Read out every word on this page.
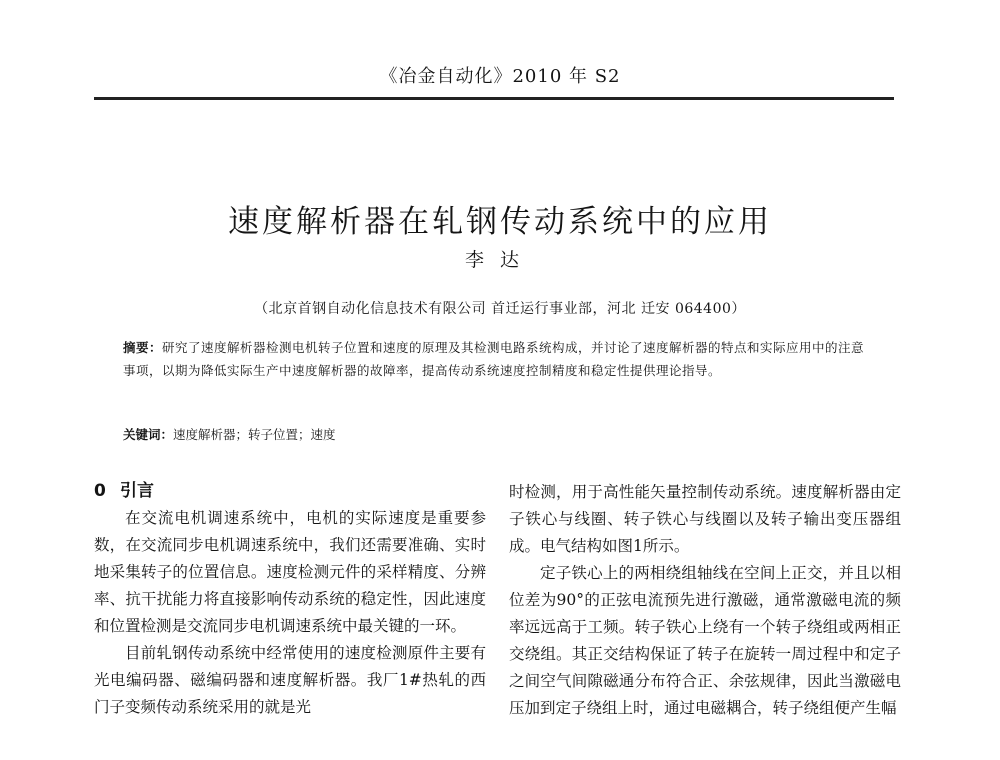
《冶金自动化》2010 年 S2
速度解析器在轧钢传动系统中的应用
李达
（北京首钢自动化信息技术有限公司 首迁运行事业部，河北 迁安 064400）

摘要：研究了速度解析器检测电机转子位置和速度的原理及其检测电路系统构成，并讨论了速度解析器的特点和实际应用中的注意事项，以期为降低实际生产中速度解析器的故障率，提高传动系统速度控制精度和稳定性提供理论指导。

关键词：速度解析器；转子位置；速度
0 引言

在交流电机调速系统中，电机的实际速度是重要参数，在交流同步电机调速系统中，我们还需要准确、实时地采集转子的位置信息。速度检测元件的采样精度、分辨率、抗干扰能力将直接影响传动系统的稳定性，因此速度和位置检测是交流同步电机调速系统中最关键的一环。

目前轧钢传动系统中经常使用的速度检测原件主要有光电编码器、磁编码器和速度解析器。我厂1#热轧的西门子变频传动系统采用的就是光

时检测，用于高性能矢量控制传动系统。速度解析器由定子铁心与线圈、转子铁心与线圈以及转子输出变压器组成。电气结构如图1所示。

定子铁心上的两相绕组轴线在空间上正交，并且以相位差为90°的正弦电流预先进行激磁，通常激磁电流的频率远远高于工频。转子铁心上绕有一个转子绕组或两相正交绕组。其正交结构保证了转子在旋转一周过程中和定子之间空气间隙磁通分布符合正、余弦规律，因此当激磁电压加到定子绕组上时，通过电磁耦合，转子绕组便产生幅
